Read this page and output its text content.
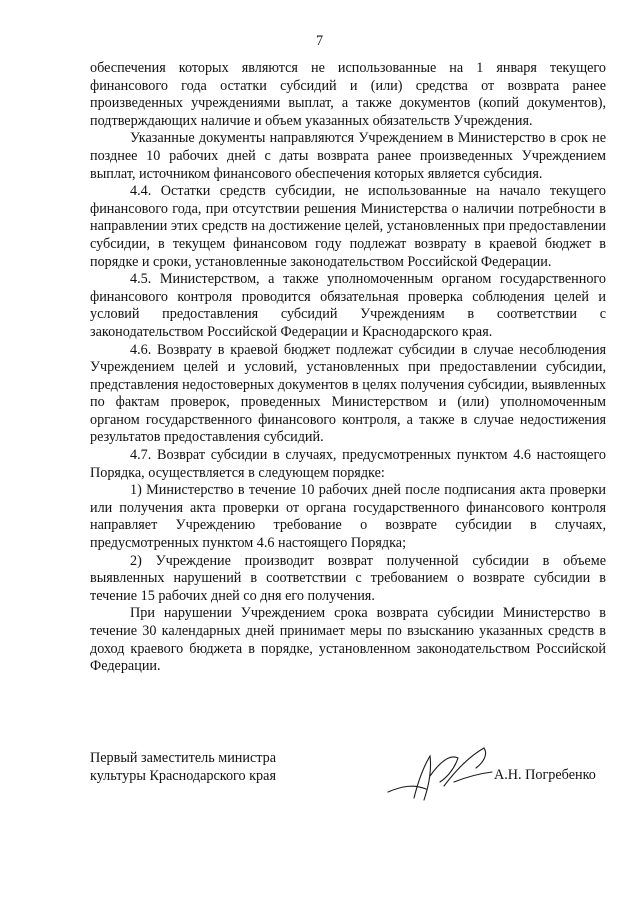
7

обеспечения которых являются не использованные на 1 января текущего финансового года остатки субсидий и (или) средства от возврата ранее произведенных учреждениями выплат, а также документов (копий документов), подтверждающих наличие и объем указанных обязательств Учреждения.

Указанные документы направляются Учреждением в Министерство в срок не позднее 10 рабочих дней с даты возврата ранее произведенных Учреждением выплат, источником финансового обеспечения которых является субсидия.

4.4. Остатки средств субсидии, не использованные на начало текущего финансового года, при отсутствии решения Министерства о наличии потребности в направлении этих средств на достижение целей, установленных при предоставлении субсидии, в текущем финансовом году подлежат возврату в краевой бюджет в порядке и сроки, установленные законодательством Российской Федерации.

4.5. Министерством, а также уполномоченным органом государственного финансового контроля проводится обязательная проверка соблюдения целей и условий предоставления субсидий Учреждениям в соответствии с законодательством Российской Федерации и Краснодарского края.

4.6. Возврату в краевой бюджет подлежат субсидии в случае несоблюдения Учреждением целей и условий, установленных при предоставлении субсидии, представления недостоверных документов в целях получения субсидии, выявленных по фактам проверок, проведенных Министерством и (или) уполномоченным органом государственного финансового контроля, а также в случае недостижения результатов предоставления субсидий.

4.7. Возврат субсидии в случаях, предусмотренных пунктом 4.6 настоящего Порядка, осуществляется в следующем порядке:

1) Министерство в течение 10 рабочих дней после подписания акта проверки или получения акта проверки от органа государственного финансового контроля направляет Учреждению требование о возврате субсидии в случаях, предусмотренных пунктом 4.6 настоящего Порядка;

2) Учреждение производит возврат полученной субсидии в объеме выявленных нарушений в соответствии с требованием о возврате субсидии в течение 15 рабочих дней со дня его получения.

При нарушении Учреждением срока возврата субсидии Министерство в течение 30 календарных дней принимает меры по взысканию указанных средств в доход краевого бюджета в порядке, установленном законодательством Российской Федерации.

Первый заместитель министра
культуры Краснодарского края	А.Н. Погребенко
